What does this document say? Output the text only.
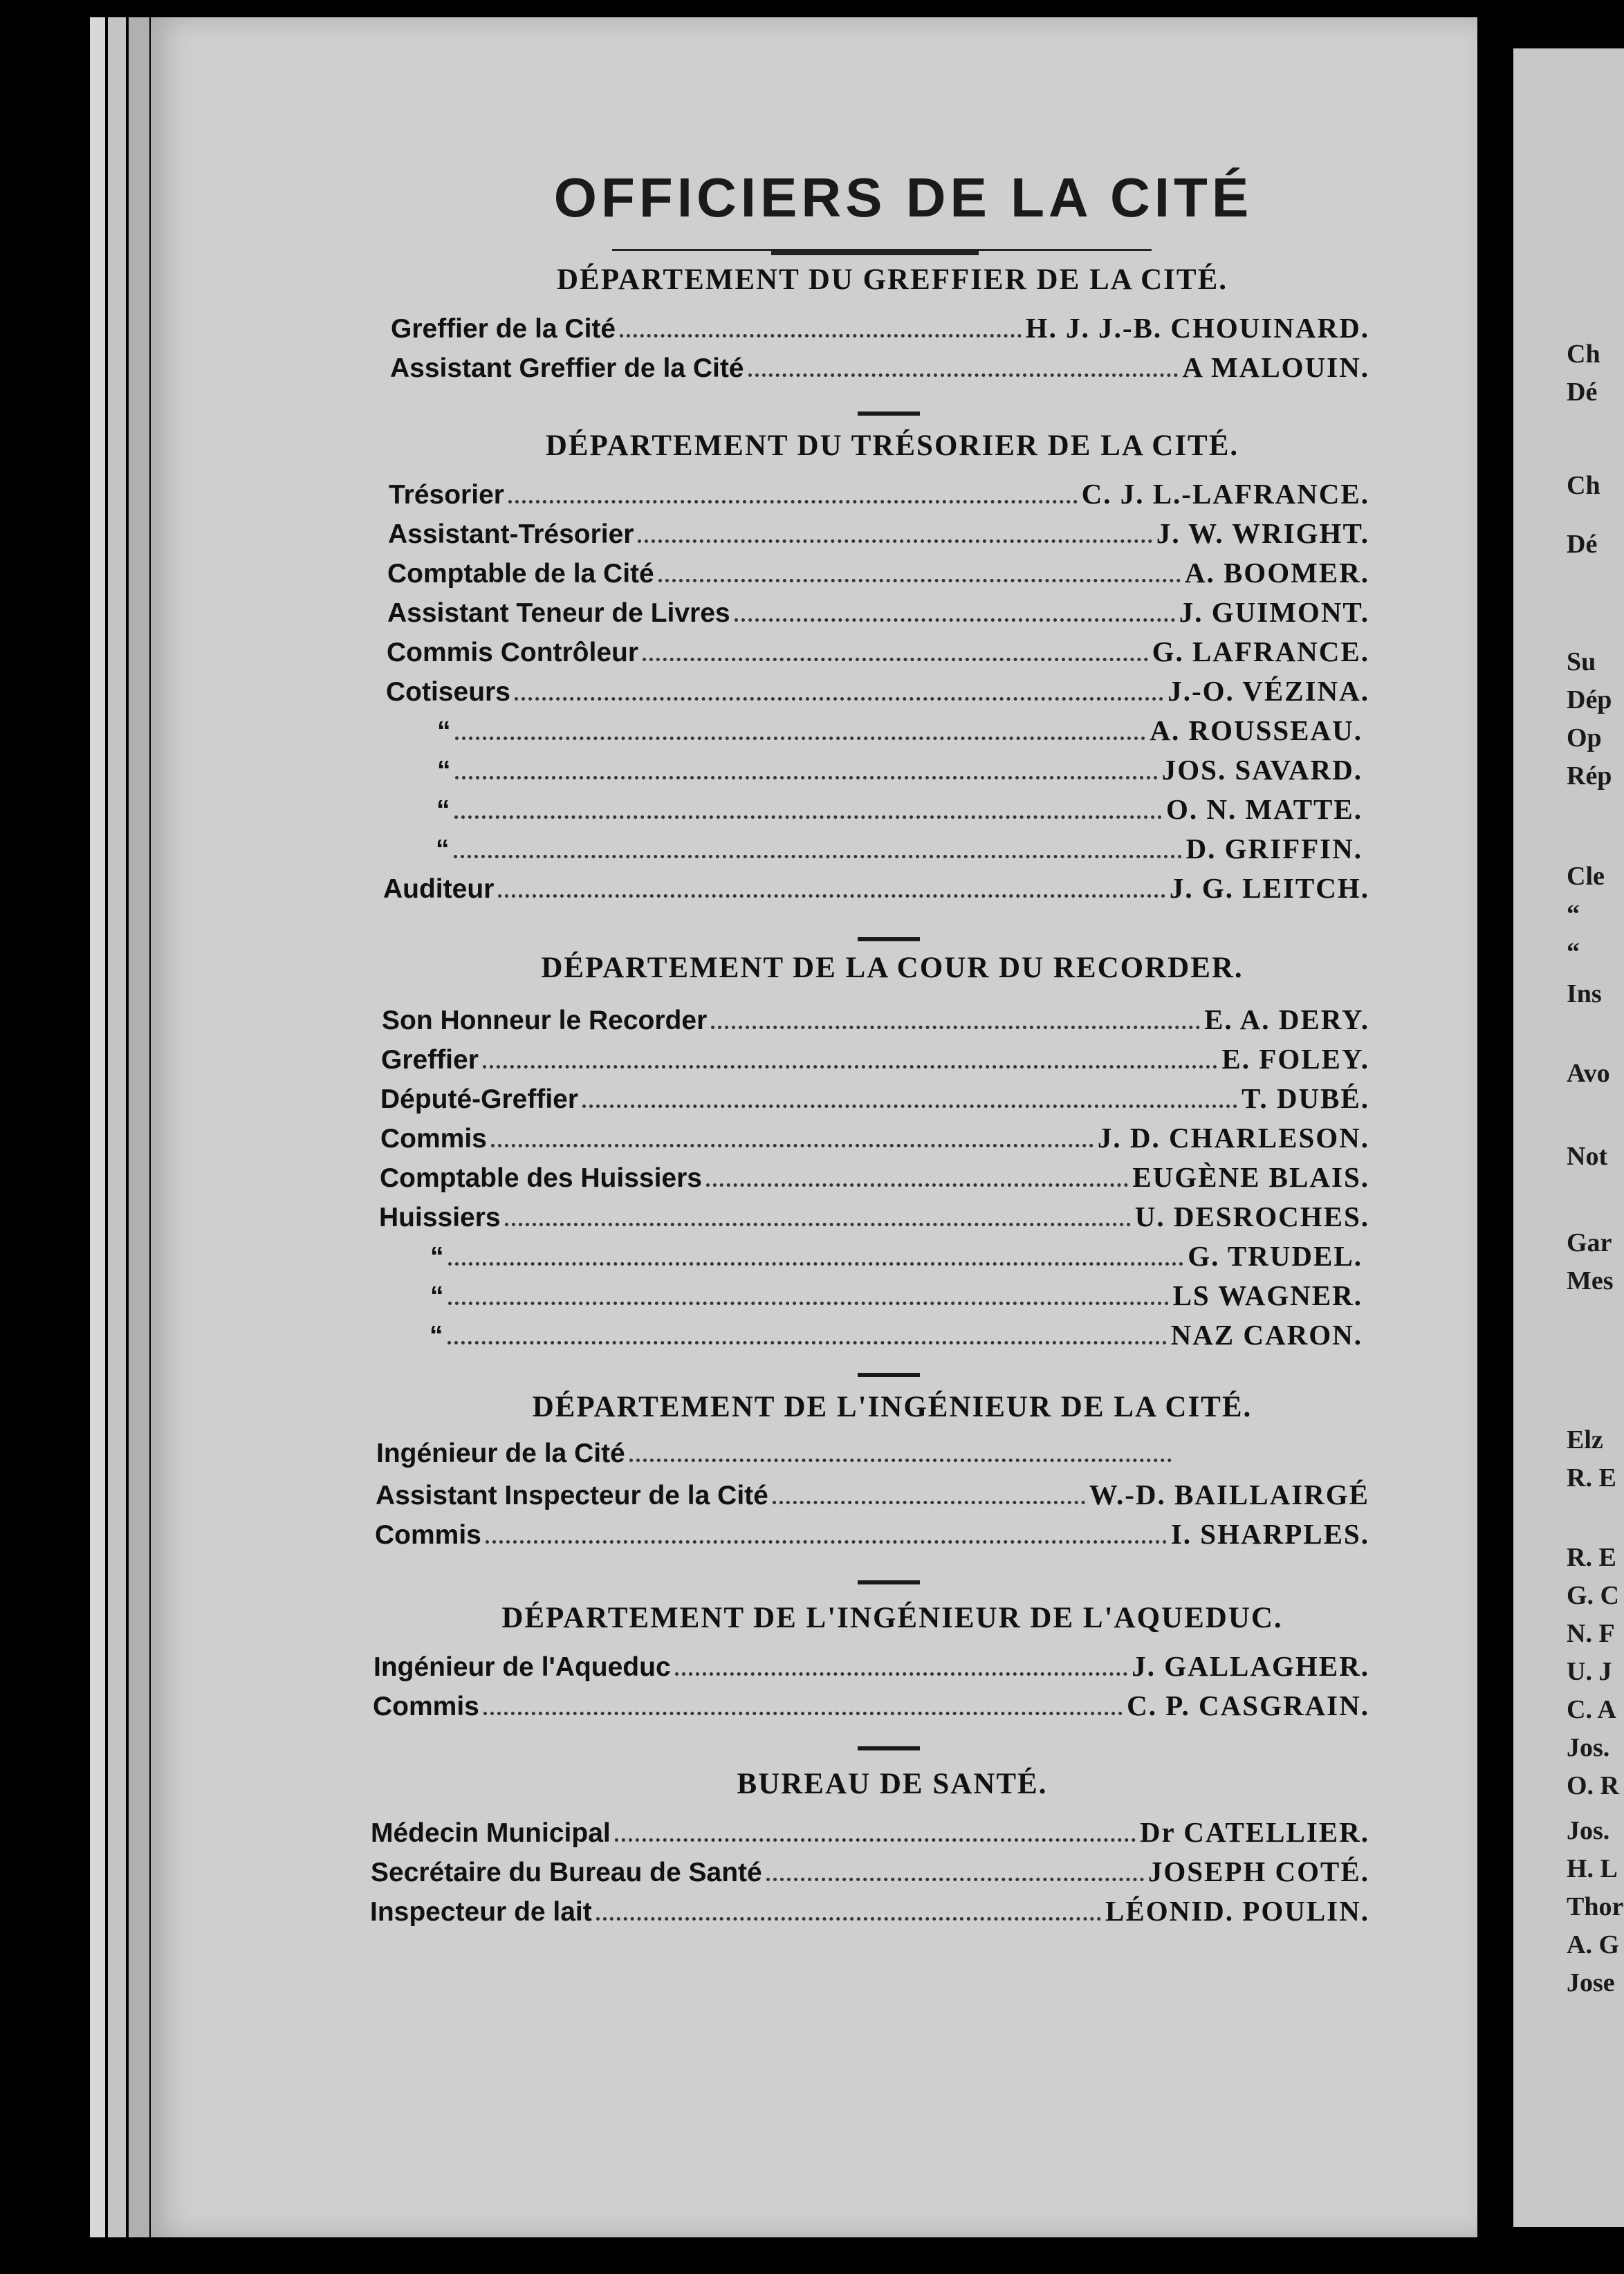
OFFICIERS DE LA CITÉ
DÉPARTEMENT DU GREFFIER DE LA CITÉ.
Greffier de la Cité	H. J. J.-B. CHOUINARD.
Assistant Greffier de la Cité	A MALOUIN.
DÉPARTEMENT DU TRÉSORIER DE LA CITÉ.
Trésorier	C. J. L.-LAFRANCE.
Assistant-Trésorier	J. W. WRIGHT.
Comptable de la Cité	A. BOOMER.
Assistant Teneur de Livres	J. GUIMONT.
Commis Contrôleur	G. LAFRANCE.
Cotiseurs	J.-O. VÉZINA.
“	A. ROUSSEAU.
“	JOS. SAVARD.
“	O. N. MATTE.
“	D. GRIFFIN.
Auditeur	J. G. LEITCH.
DÉPARTEMENT DE LA COUR DU RECORDER.
Son Honneur le Recorder	E. A. DERY.
Greffier	E. FOLEY.
Député-Greffier	T. DUBÉ.
Commis	J. D. CHARLESON.
Comptable des Huissiers	EUGÈNE BLAIS.
Huissiers	U. DESROCHES.
“	G. TRUDEL.
“	LS WAGNER.
“	NAZ CARON.
DÉPARTEMENT DE L'INGÉNIEUR DE LA CITÉ.
Ingénieur de la Cité
Assistant Inspecteur de la Cité	W.-D. BAILLAIRGÉ
Commis	I. SHARPLES.
DÉPARTEMENT DE L'INGÉNIEUR DE L'AQUEDUC.
Ingénieur de l'Aqueduc	J. GALLAGHER.
Commis	C. P. CASGRAIN.
BUREAU DE SANTÉ.
Médecin Municipal	Dr CATELLIER.
Secrétaire du Bureau de Santé	JOSEPH COTÉ.
Inspecteur de lait	LÉONID. POULIN.
Ch
Dé
Ch
Dé
Su
Dép
Op
Rép
Cle
“
“
Ins
Avo
Not
Gar
Mes
Elz
R. E
R. E
G. C
N. F
U. J
C. A
Jos.
O. R
Jos.
H. L
Thor
A. G
Jose
